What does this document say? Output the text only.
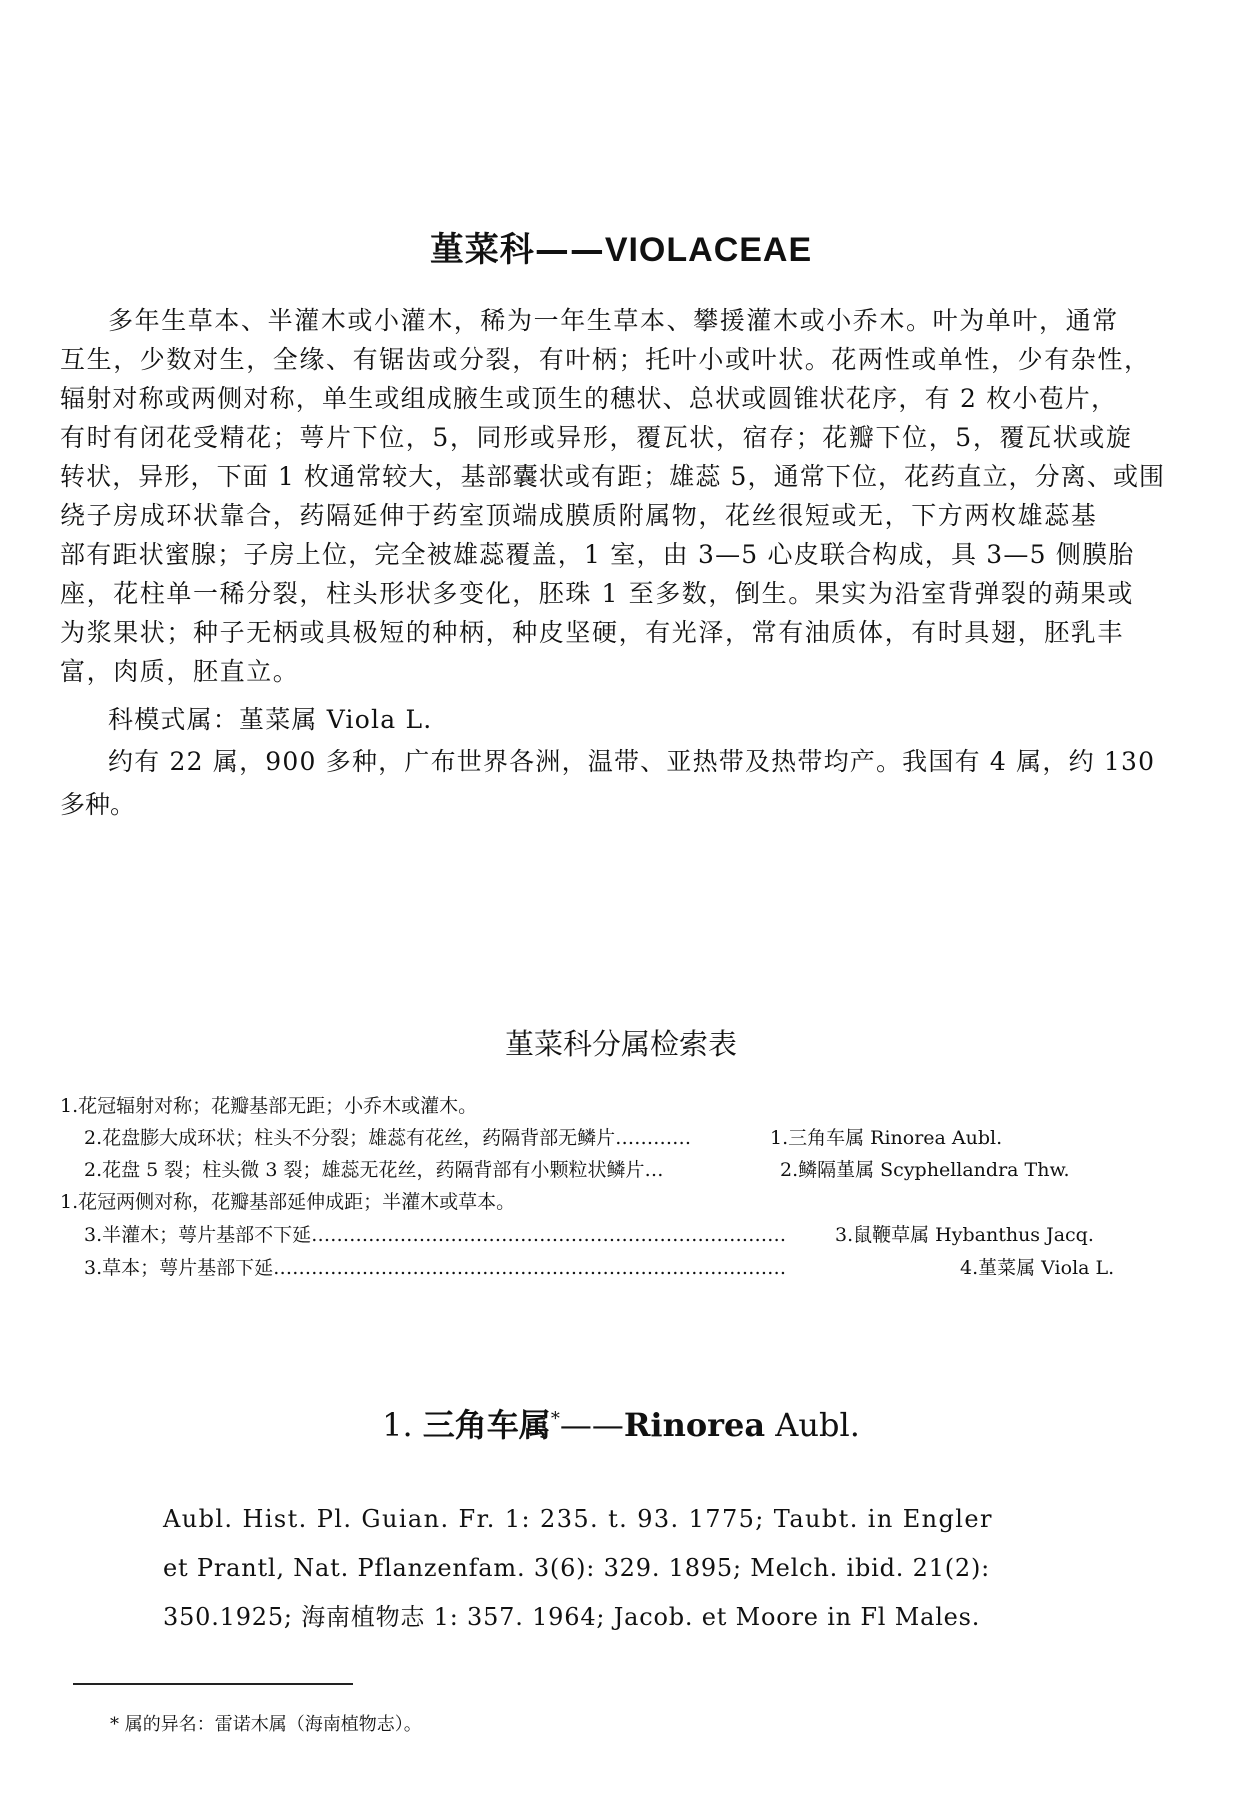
堇菜科——VIOLACEAE
多年生草本、半灌木或小灌木，稀为一年生草本、攀援灌木或小乔木。叶为单叶，通常
互生，少数对生，全缘、有锯齿或分裂，有叶柄；托叶小或叶状。花两性或单性，少有杂性，
辐射对称或两侧对称，单生或组成腋生或顶生的穗状、总状或圆锥状花序，有 2 枚小苞片，
有时有闭花受精花；萼片下位，5，同形或异形，覆瓦状，宿存；花瓣下位，5，覆瓦状或旋
转状，异形，下面 1 枚通常较大，基部囊状或有距；雄蕊 5，通常下位，花药直立，分离、或围
绕子房成环状靠合，药隔延伸于药室顶端成膜质附属物，花丝很短或无，下方两枚雄蕊基
部有距状蜜腺；子房上位，完全被雄蕊覆盖，1 室，由 3—5 心皮联合构成，具 3—5 侧膜胎
座，花柱单一稀分裂，柱头形状多变化，胚珠 1 至多数，倒生。果实为沿室背弹裂的蒴果或
为浆果状；种子无柄或具极短的种柄，种皮坚硬，有光泽，常有油质体，有时具翅，胚乳丰
富，肉质，胚直立。
科模式属：堇菜属 Viola L.
约有 22 属，900 多种，广布世界各洲，温带、亚热带及热带均产。我国有 4 属，约 130
多种。
堇菜科分属检索表
1.花冠辐射对称；花瓣基部无距；小乔木或灌木。
2.花盘膨大成环状；柱头不分裂；雄蕊有花丝，药隔背部无鳞片…………	1.三角车属 Rinorea Aubl.
2.花盘 5 裂；柱头微 3 裂；雄蕊无花丝，药隔背部有小颗粒状鳞片…	2.鳞隔堇属 Scyphellandra Thw.
1.花冠两侧对称，花瓣基部延伸成距；半灌木或草本。
3.半灌木；萼片基部不下延…………………………………………………………………	3.鼠鞭草属 Hybanthus Jacq.
3.草本；萼片基部下延………………………………………………………………………	4.堇菜属 Viola L.
1. 三角车属*——Rinorea Aubl.
Aubl. Hist. Pl. Guian. Fr. 1: 235. t. 93. 1775; Taubt. in Engler
et Prantl, Nat. Pflanzenfam. 3(6): 329. 1895; Melch. ibid. 21(2):
350.1925; 海南植物志 1: 357. 1964; Jacob. et Moore in Fl Males.
* 属的异名：雷诺木属（海南植物志）。
